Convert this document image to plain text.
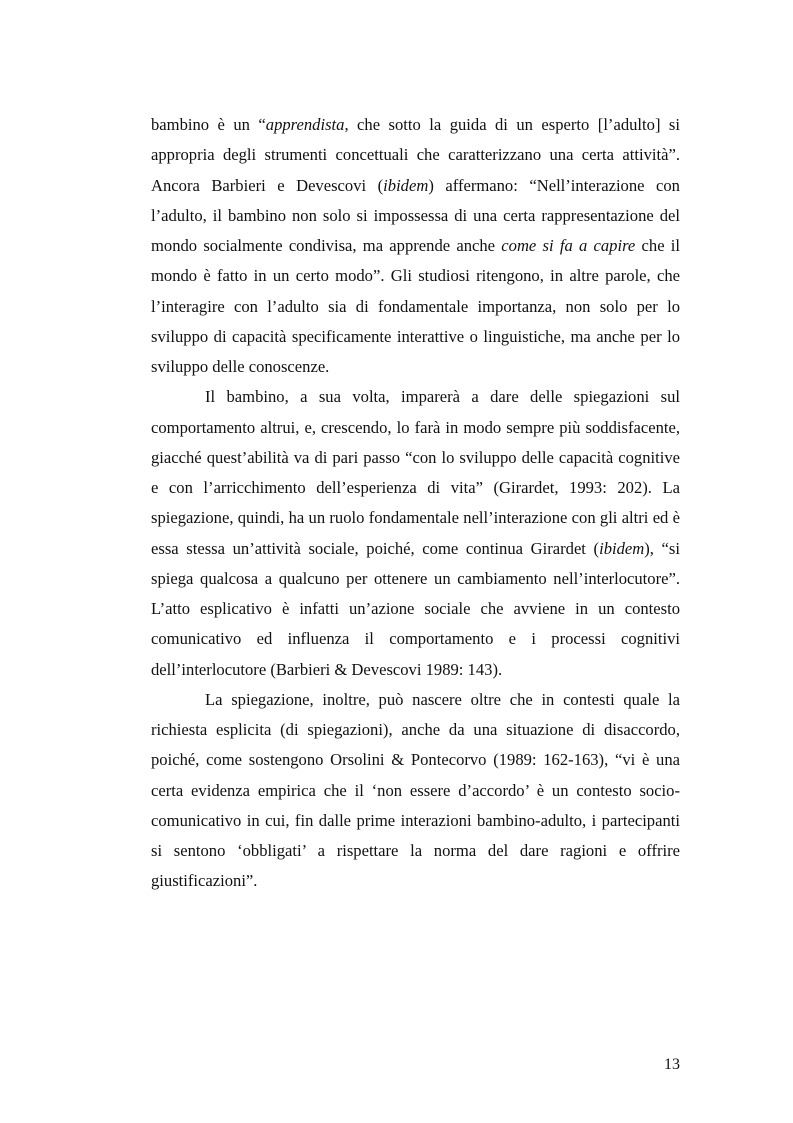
bambino è un “apprendista, che sotto la guida di un esperto [l’adulto] si appropria degli strumenti concettuali che caratterizzano una certa attività”. Ancora Barbieri e Devescovi (ibidem) affermano: “Nell’interazione con l’adulto, il bambino non solo si impossessa di una certa rappresentazione del mondo socialmente condivisa, ma apprende anche come si fa a capire che il mondo è fatto in un certo modo”. Gli studiosi ritengono, in altre parole, che l’interagire con l’adulto sia di fondamentale importanza, non solo per lo sviluppo di capacità specificamente interattive o linguistiche, ma anche per lo sviluppo delle conoscenze.

Il bambino, a sua volta, imparerà a dare delle spiegazioni sul comportamento altrui, e, crescendo, lo farà in modo sempre più soddisfacente, giacché quest’abilità va di pari passo “con lo sviluppo delle capacità cognitive e con l’arricchimento dell’esperienza di vita” (Girardet, 1993: 202). La spiegazione, quindi, ha un ruolo fondamentale nell’interazione con gli altri ed è essa stessa un’attività sociale, poiché, come continua Girardet (ibidem), “si spiega qualcosa a qualcuno per ottenere un cambiamento nell’interlocutore”. L’atto esplicativo è infatti un’azione sociale che avviene in un contesto comunicativo ed influenza il comportamento e i processi cognitivi dell’interlocutore (Barbieri & Devescovi 1989: 143).

La spiegazione, inoltre, può nascere oltre che in contesti quale la richiesta esplicita (di spiegazioni), anche da una situazione di disaccordo, poiché, come sostengono Orsolini & Pontecorvo (1989: 162-163), “vi è una certa evidenza empirica che il ‘non essere d’accordo’ è un contesto socio-comunicativo in cui, fin dalle prime interazioni bambino-adulto, i partecipanti si sentono ‘obbligati’ a rispettare la norma del dare ragioni e offrire giustificazioni”.

13
